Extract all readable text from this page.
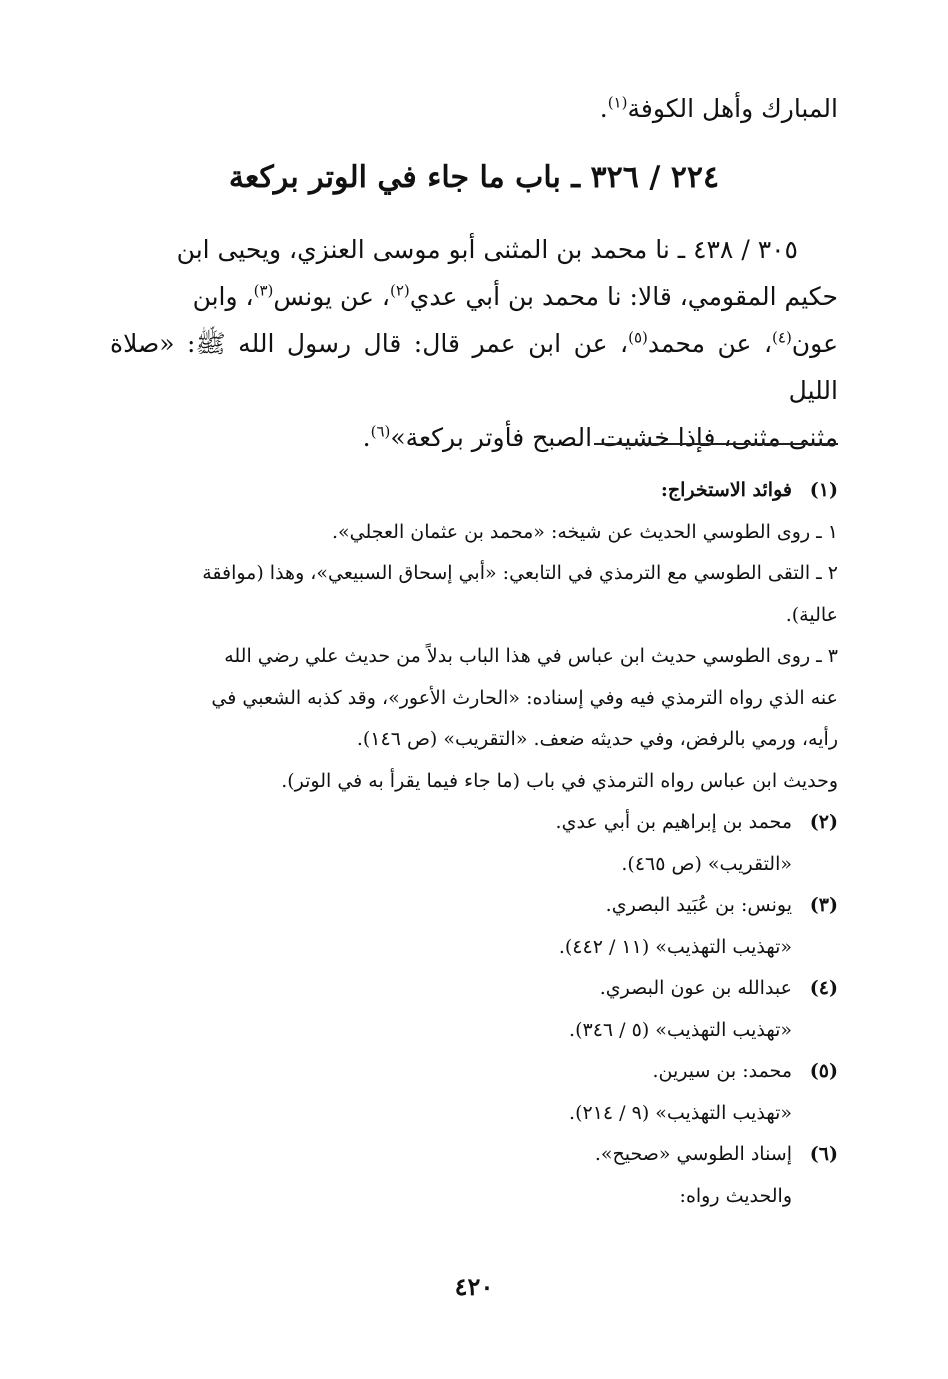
المبارك وأهل الكوفة$^{(١)}$.
٢٢٤ / ٣٢٦ ـ باب ما جاء في الوتر بركعة

٣٠٥ / ٤٣٨ ـ نا محمد بن المثنى أبو موسى العنزي، ويحيى ابن

حكيم المقومي، قالا: نا محمد بن أبي عدي$^{(٢)}$، عن يونس$^{(٣)}$، وابن

عون$^{(٤)}$، عن محمد$^{(٥)}$، عن ابن عمر قال: قال رسول الله ﷺ: «صلاة الليل

مثنى مثنى، فإذا خشيت الصبح فأوتر بركعة»$^{(٦)}$.

(١)فوائد الاستخراج:
١ ـ روى الطوسي الحديث عن شيخه: «محمد بن عثمان العجلي».
٢ ـ التقى الطوسي مع الترمذي في التابعي: «أبي إسحاق السبيعي»، وهذا (موافقة
عالية).
٣ ـ روى الطوسي حديث ابن عباس في هذا الباب بدلاً من حديث علي رضي الله
عنه الذي رواه الترمذي فيه وفي إسناده: «الحارث الأعور»، وقد كذبه الشعبي في
رأيه، ورمي بالرفض، وفي حديثه ضعف. «التقريب» (ص ١٤٦).
وحديث ابن عباس رواه الترمذي في باب (ما جاء فيما يقرأ به في الوتر).
(٢)محمد بن إبراهيم بن أبي عدي.
«التقريب» (ص ٤٦٥).
(٣)يونس: بن عُبَيد البصري.
«تهذيب التهذيب» (١١ / ٤٤٢).
(٤)عبدالله بن عون البصري.
«تهذيب التهذيب» (٥ / ٣٤٦).
(٥)محمد: بن سيرين.
«تهذيب التهذيب» (٩ / ٢١٤).
(٦)إسناد الطوسي «صحيح».
والحديث رواه:
٤٢٠
